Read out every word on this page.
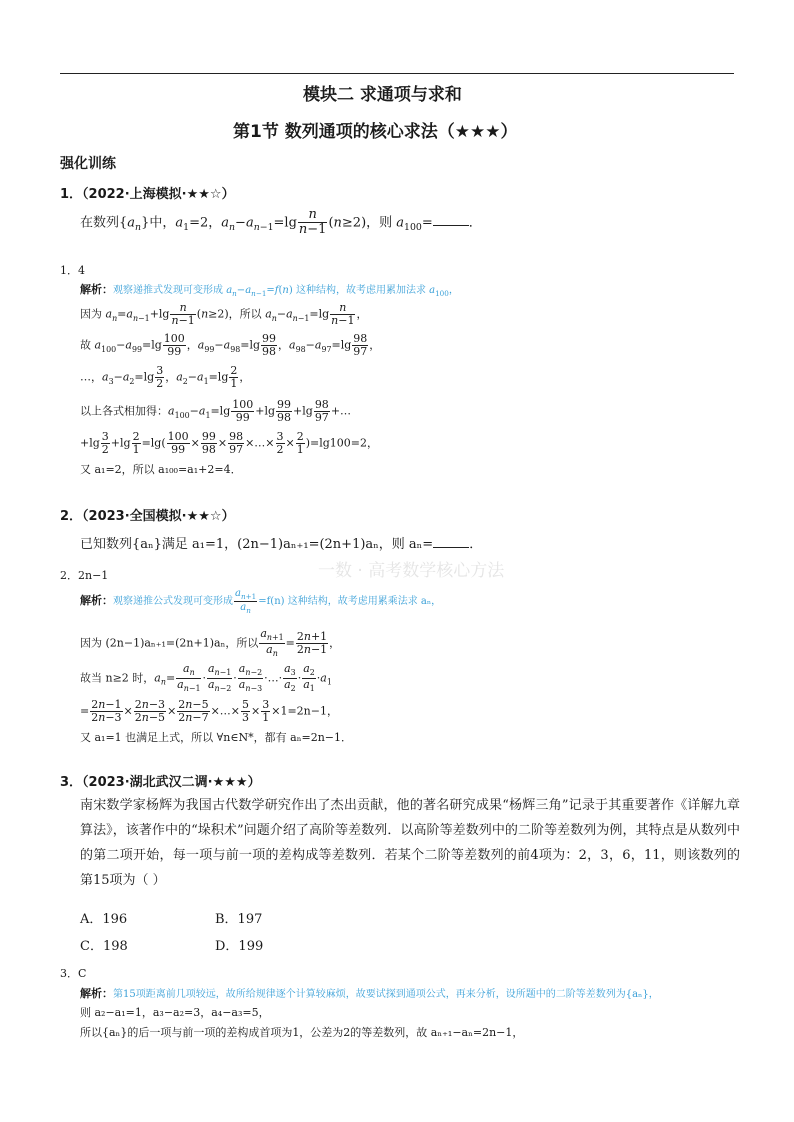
模块二 求通项与求和
第1节 数列通项的核心求法（★★★）
强化训练
1．（2022·上海模拟·★★☆）
在数列$\{a_n\}$中，$a_1=2$，$a_n-a_{n-1}=\lg \frac{n}{n-1} (n\ge 2)$，则 $a_{100}=$	．
1．4
解析：观察递推式发现可变形成 $a_n-a_{n-1}=f(n)$ 这种结构，故考虑用累加法求 $a_{100}$，
因为 $a_n=a_{n-1}+\lg \frac{n}{n-1} (n\ge 2)$，所以 $a_n-a_{n-1}=\lg \frac{n}{n-1}$ ，
故 $a_{100}-a_{99}=\lg \frac{100}{99}$ ，$a_{99}-a_{98}=\lg \frac{99}{98}$ ，$a_{98}-a_{97}=\lg \frac{98}{97}$ ，
…，$a_3-a_2=\lg \frac{3}{2}$ ，$a_2-a_1=\lg \frac{2}{1}$ ，
以上各式相加得：$a_{100}-a_1=\lg \frac{100}{99} +\lg \frac{99}{98} +\lg \frac{98}{97}$ +…
$+\lg \frac{3}{2} +\lg \frac{2}{1} =\lg( \frac{100}{99} \times \frac{99}{98} \times \frac{98}{97}$ ×…× $\frac{3}{2} \times \frac{2}{1} )=\lg 100=2$，
又 a₁=2，所以 a₁₀₀=a₁+2=4．
2．（2023·全国模拟·★★☆）
已知数列{aₙ}满足 a₁=1，(2n−1)aₙ₊₁=(2n+1)aₙ，则 aₙ=	．
一数 · 高考数学核心方法
2．2n−1
解析：观察递推公式发现可变形成 $\frac{a_{n+1}}{a_n} =f(n)$ 这种结构，故考虑用累乘法求 aₙ，
因为 (2n−1)aₙ₊₁=(2n+1)aₙ，所以 $\frac{a_{n+1}}{a_n} = \frac{2n+1}{2n-1}$ ，
故当 n≥2 时，$a_n= \frac{a_n}{a_{n-1}} \cdot \frac{a_{n-1}}{a_{n-2}} \cdot \frac{a_{n-2}}{a_{n-3}}$ ·…· $\frac{a_3}{a_2} \cdot \frac{a_2}{a_1} \cdot a_1$
= $\frac{2n-1}{2n-3} \times \frac{2n-3}{2n-5} \times \frac{2n-5}{2n-7}$ ×…× $\frac{5}{3} \times \frac{3}{1} \times 1=2n-1$，
又 a₁=1 也满足上式，所以 ∀n∈N*，都有 aₙ=2n−1．
3．（2023·湖北武汉二调·★★★）
南宋数学家杨辉为我国古代数学研究作出了杰出贡献，他的著名研究成果“杨辉三角”记录于其重要著作《详解九章算法》，该著作中的“垛积术”问题介绍了高阶等差数列．以高阶等差数列中的二阶等差数列为例，其特点是从数列中的第二项开始，每一项与前一项的差构成等差数列．若某个二阶等差数列的前4项为：2，3，6，11，则该数列的第15项为（ ）
A．196	B．197
C．198	D．199
3．C
解析：第15项距离前几项较远，故所给规律逐个计算较麻烦，故要试探到通项公式，再来分析，设所题中的二阶等差数列为{aₙ}，
则 a₂−a₁=1，a₃−a₂=3，a₄−a₃=5，
所以{aₙ}的后一项与前一项的差构成首项为1，公差为2的等差数列，故 aₙ₊₁−aₙ=2n−1，
